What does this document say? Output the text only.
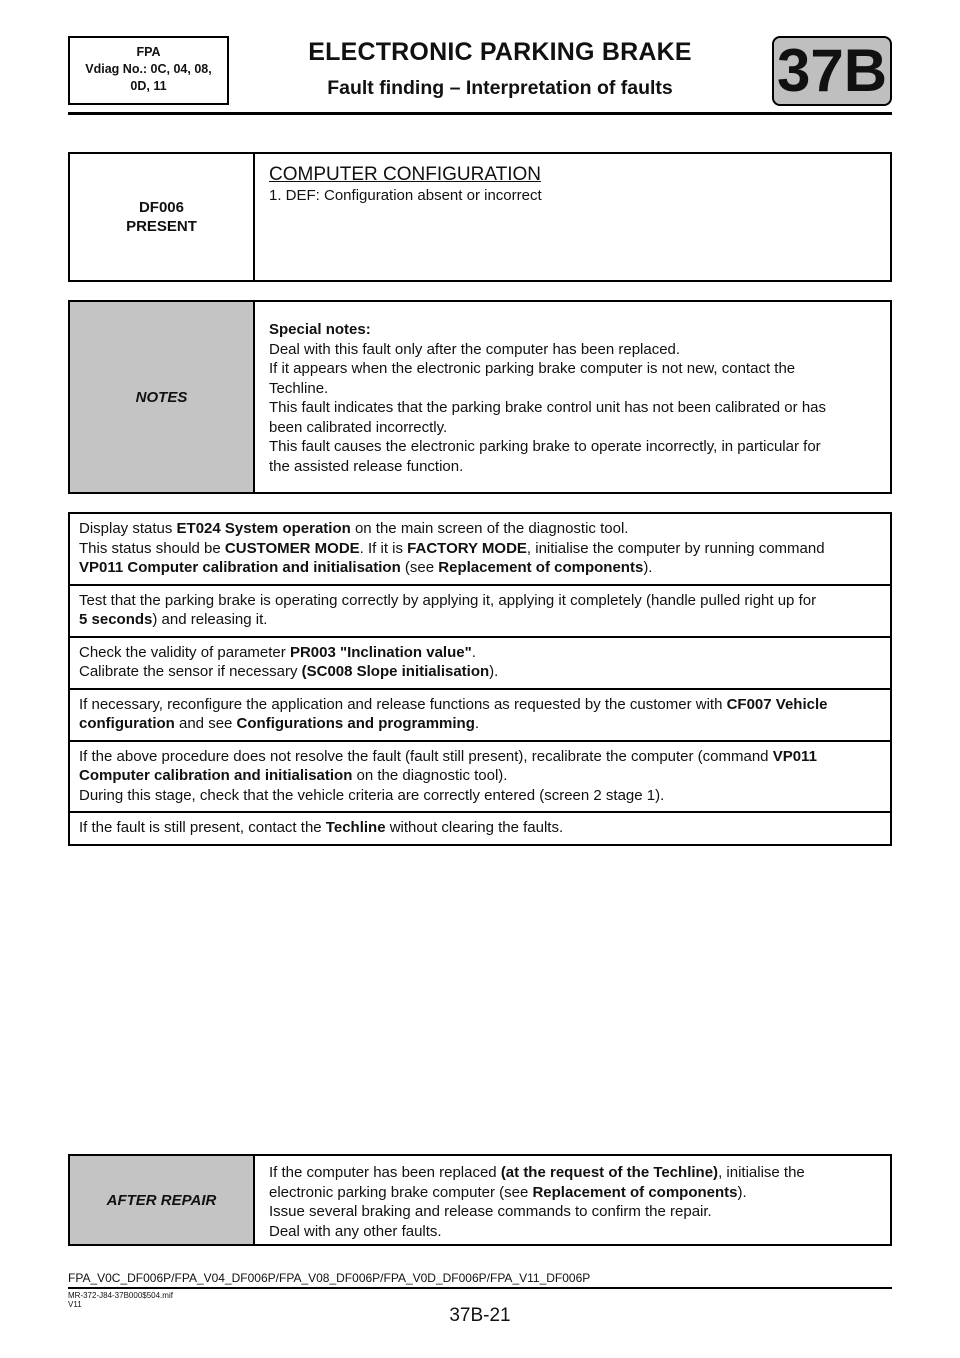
FPA
Vdiag No.: 0C, 04, 08,
0D, 11
ELECTRONIC PARKING BRAKE
Fault finding – Interpretation of faults	37B
DF006
PRESENT
COMPUTER CONFIGURATION
1. DEF: Configuration absent or incorrect
NOTES
Special notes:
Deal with this fault only after the computer has been replaced.
If it appears when the electronic parking brake computer is not new, contact the
Techline.
This fault indicates that the parking brake control unit has not been calibrated or has
been calibrated incorrectly.
This fault causes the electronic parking brake to operate incorrectly, in particular for
the assisted release function.
Display status ET024 System operation on the main screen of the diagnostic tool.
This status should be CUSTOMER MODE. If it is FACTORY MODE, initialise the computer by running command
VP011 Computer calibration and initialisation (see Replacement of components).
Test that the parking brake is operating correctly by applying it, applying it completely (handle pulled right up for
5 seconds) and releasing it.
Check the validity of parameter PR003 "Inclination value".
Calibrate the sensor if necessary (SC008 Slope initialisation).
If necessary, reconfigure the application and release functions as requested by the customer with CF007 Vehicle
configuration and see Configurations and programming.
If the above procedure does not resolve the fault (fault still present), recalibrate the computer (command VP011
Computer calibration and initialisation on the diagnostic tool).
During this stage, check that the vehicle criteria are correctly entered (screen 2 stage 1).
If the fault is still present, contact the Techline without clearing the faults.
AFTER REPAIR
If the computer has been replaced (at the request of the Techline), initialise the
electronic parking brake computer (see Replacement of components).
Issue several braking and release commands to confirm the repair.
Deal with any other faults.
FPA_V0C_DF006P/FPA_V04_DF006P/FPA_V08_DF006P/FPA_V0D_DF006P/FPA_V11_DF006P
MR-372-J84-37B000$504.mif
V11
37B-21
